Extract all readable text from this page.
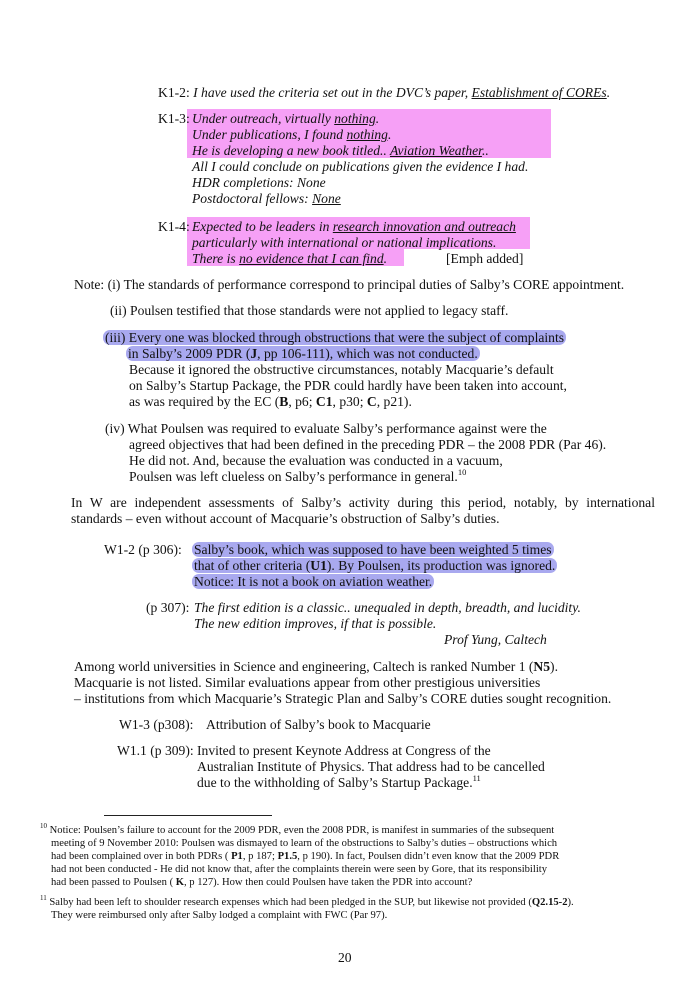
K1-2: I have used the criteria set out in the DVC’s paper, Establishment of COREs.
K1-3: Under outreach, virtually nothing.
Under publications, I found nothing.
He is developing a new book titled.. Aviation Weather..
All I could conclude on publications given the evidence I had.
HDR completions: None
Postdoctoral fellows: None
K1-4: Expected to be leaders in research innovation and outreach
particularly with international or national implications.
There is no evidence that I can find.	[Emph added]
Note: (i) The standards of performance correspond to principal duties of Salby’s CORE appointment.
(ii) Poulsen testified that those standards were not applied to legacy staff.
(iii) Every one was blocked through obstructions that were the subject of complaints
in Salby’s 2009 PDR (J, pp 106-111), which was not conducted.
Because it ignored the obstructive circumstances, notably Macquarie’s default
on Salby’s Startup Package, the PDR could hardly have been taken into account,
as was required by the EC (B, p6; C1, p30; C, p21).
(iv) What Poulsen was required to evaluate Salby’s performance against were the
agreed objectives that had been defined in the preceding PDR – the 2008 PDR (Par 46).
He did not. And, because the evaluation was conducted in a vacuum,
Poulsen was left clueless on Salby’s performance in general.$^{10}$
In W are independent assessments of Salby’s activity during this period, notably, by international
standards – even without account of Macquarie’s obstruction of Salby’s duties.
W1-2 (p 306): Salby’s book, which was supposed to have been weighted 5 times
that of other criteria (U1). By Poulsen, its production was ignored.
Notice: It is not a book on aviation weather.
(p 307): The first edition is a classic.. unequaled in depth, breadth, and lucidity.
The new edition improves, if that is possible.
Prof Yung, Caltech
Among world universities in Science and engineering, Caltech is ranked Number 1 (N5).
Macquarie is not listed. Similar evaluations appear from other prestigious universities
– institutions from which Macquarie’s Strategic Plan and Salby’s CORE duties sought recognition.
W1-3 (p308): Attribution of Salby’s book to Macquarie
W1.1 (p 309): Invited to present Keynote Address at Congress of the
Australian Institute of Physics. That address had to be cancelled
due to the withholding of Salby’s Startup Package.$^{11}$
$^{10}$ Notice: Poulsen’s failure to account for the 2009 PDR, even the 2008 PDR, is manifest in summaries of the subsequent
meeting of 9 November 2010: Poulsen was dismayed to learn of the obstructions to Salby’s duties – obstructions which
had been complained over in both PDRs ( P1, p 187; P1.5, p 190). In fact, Poulsen didn’t even know that the 2009 PDR
had not been conducted - He did not know that, after the complaints therein were seen by Gore, that its responsibility
had been passed to Poulsen ( K, p 127). How then could Poulsen have taken the PDR into account?
$^{11}$ Salby had been left to shoulder research expenses which had been pledged in the SUP, but likewise not provided (Q2.15-2).
They were reimbursed only after Salby lodged a complaint with FWC (Par 97).
20
